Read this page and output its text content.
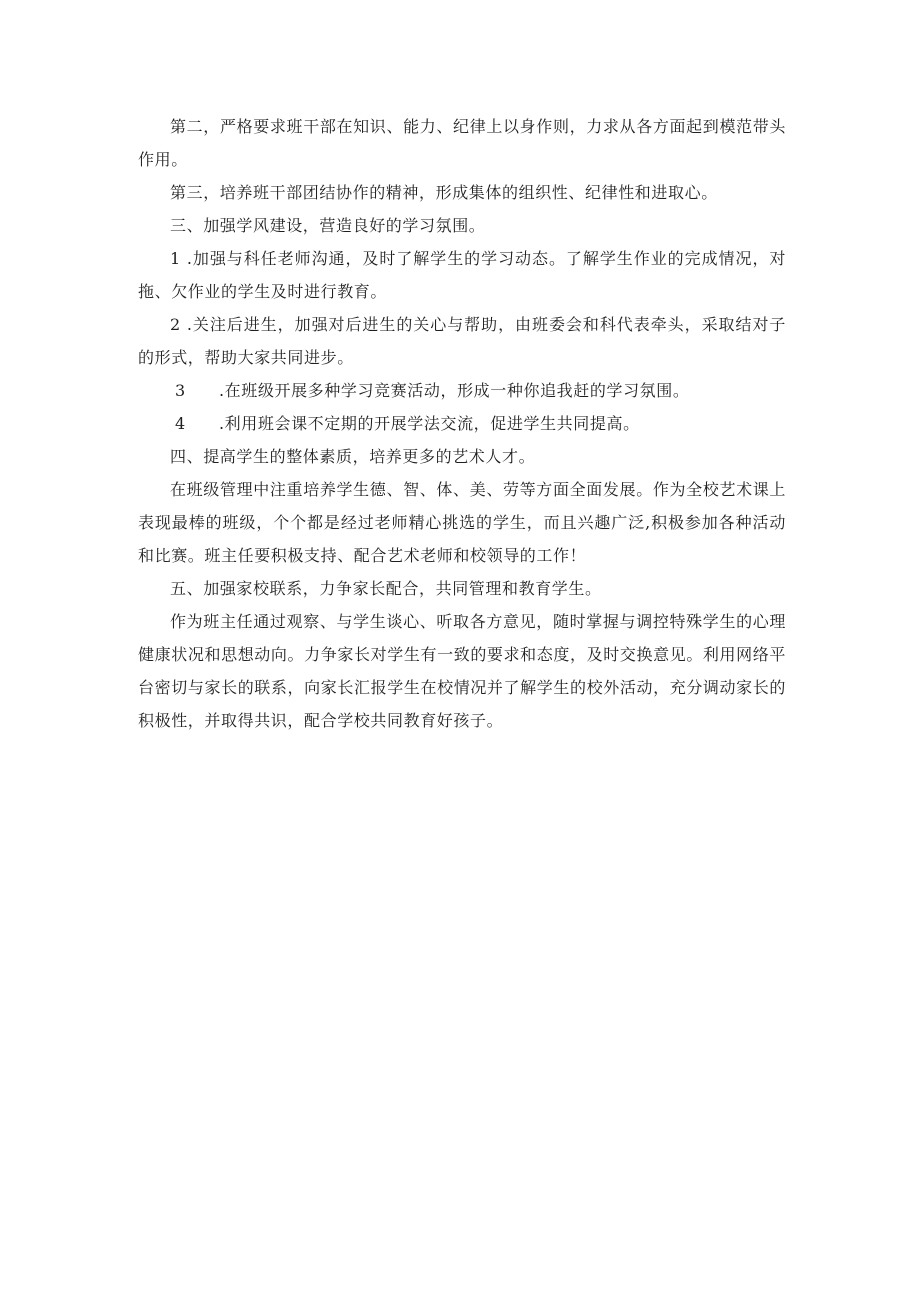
第二，严格要求班干部在知识、能力、纪律上以身作则，力求从各方面起到模范带头作用。

第三，培养班干部团结协作的精神，形成集体的组织性、纪律性和进取心。

三、加强学风建设，营造良好的学习氛围。

1 .加强与科任老师沟通，及时了解学生的学习动态。了解学生作业的完成情况，对拖、欠作业的学生及时进行教育。

2 .关注后进生，加强对后进生的关心与帮助，由班委会和科代表牵头，采取结对子的形式，帮助大家共同进步。

3 .在班级开展多种学习竞赛活动，形成一种你追我赶的学习氛围。

4 .利用班会课不定期的开展学法交流，促进学生共同提高。

四、提高学生的整体素质，培养更多的艺术人才。

在班级管理中注重培养学生德、智、体、美、劳等方面全面发展。作为全校艺术课上表现最棒的班级，个个都是经过老师精心挑选的学生，而且兴趣广泛,积极参加各种活动和比赛。班主任要积极支持、配合艺术老师和校领导的工作！

五、加强家校联系，力争家长配合，共同管理和教育学生。

作为班主任通过观察、与学生谈心、听取各方意见，随时掌握与调控特殊学生的心理健康状况和思想动向。力争家长对学生有一致的要求和态度，及时交换意见。利用网络平台密切与家长的联系，向家长汇报学生在校情况并了解学生的校外活动，充分调动家长的积极性，并取得共识，配合学校共同教育好孩子。
